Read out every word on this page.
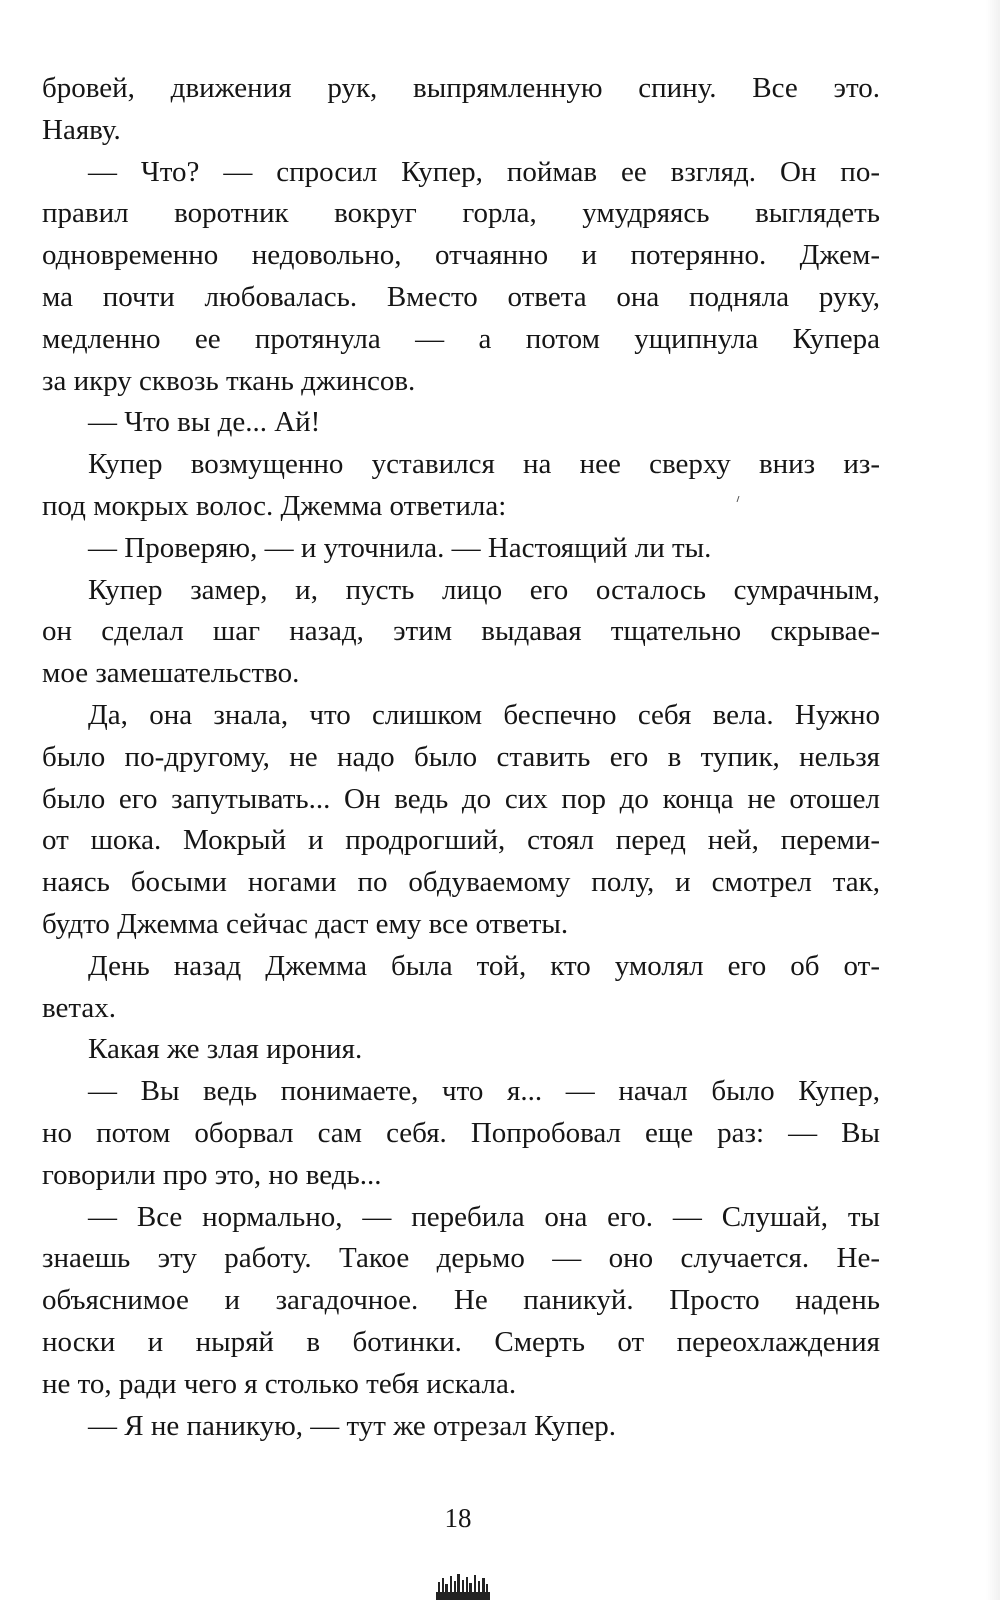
бровей, движения рук, выпрямленную спину. Все это.
Наяву.
— Что? — спросил Купер, поймав ее взгляд. Он по-
правил воротник вокруг горла, умудряясь выглядеть
одновременно недовольно, отчаянно и потерянно. Джем-
ма почти любовалась. Вместо ответа она подняла руку,
медленно ее протянула — а потом ущипнула Купера
за икру сквозь ткань джинсов.
— Что вы де... Ай!
Купер возмущенно уставился на нее сверху вниз из-
под мокрых волос. Джемма ответила:
— Проверяю, — и уточнила. — Настоящий ли ты.
Купер замер, и, пусть лицо его осталось сумрачным,
он сделал шаг назад, этим выдавая тщательно скрывае-
мое замешательство.
Да, она знала, что слишком беспечно себя вела. Нужно
было по-другому, не надо было ставить его в тупик, нельзя
было его запутывать... Он ведь до сих пор до конца не отошел
от шока. Мокрый и продрогший, стоял перед ней, переми-
наясь босыми ногами по обдуваемому полу, и смотрел так,
будто Джемма сейчас даст ему все ответы.
День назад Джемма была той, кто умолял его об от-
ветах.
Какая же злая ирония.
— Вы ведь понимаете, что я... — начал было Купер,
но потом оборвал сам себя. Попробовал еще раз: — Вы
говорили про это, но ведь...
— Все нормально, — перебила она его. — Слушай, ты
знаешь эту работу. Такое дерьмо — оно случается. Не-
объяснимое и загадочное. Не паникуй. Просто надень
носки и ныряй в ботинки. Смерть от переохлаждения
не то, ради чего я столько тебя искала.
— Я не паникую, — тут же отрезал Купер.
18
